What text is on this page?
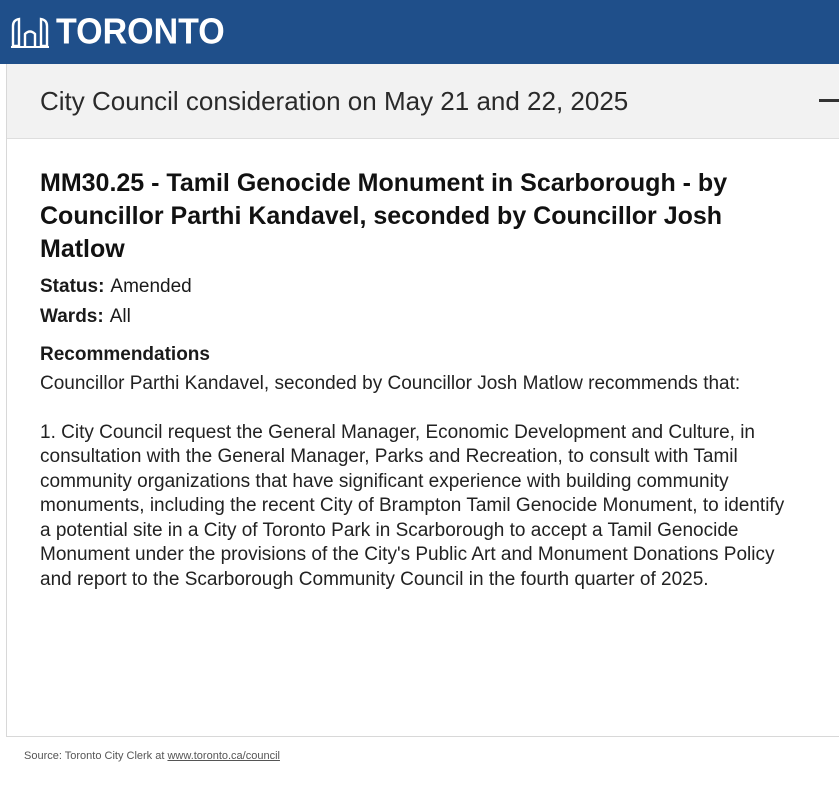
TORONTO
City Council consideration on May 21 and 22, 2025
MM30.25 - Tamil Genocide Monument in Scarborough - by Councillor Parthi Kandavel, seconded by Councillor Josh Matlow
Status: Amended
Wards: All
Recommendations

Councillor Parthi Kandavel, seconded by Councillor Josh Matlow recommends that:

1. City Council request the General Manager, Economic Development and Culture, in consultation with the General Manager, Parks and Recreation, to consult with Tamil community organizations that have significant experience with building community monuments, including the recent City of Brampton Tamil Genocide Monument, to identify a potential site in a City of Toronto Park in Scarborough to accept a Tamil Genocide Monument under the provisions of the City's Public Art and Monument Donations Policy and report to the Scarborough Community Council in the fourth quarter of 2025.

Source: Toronto City Clerk at www.toronto.ca/council
